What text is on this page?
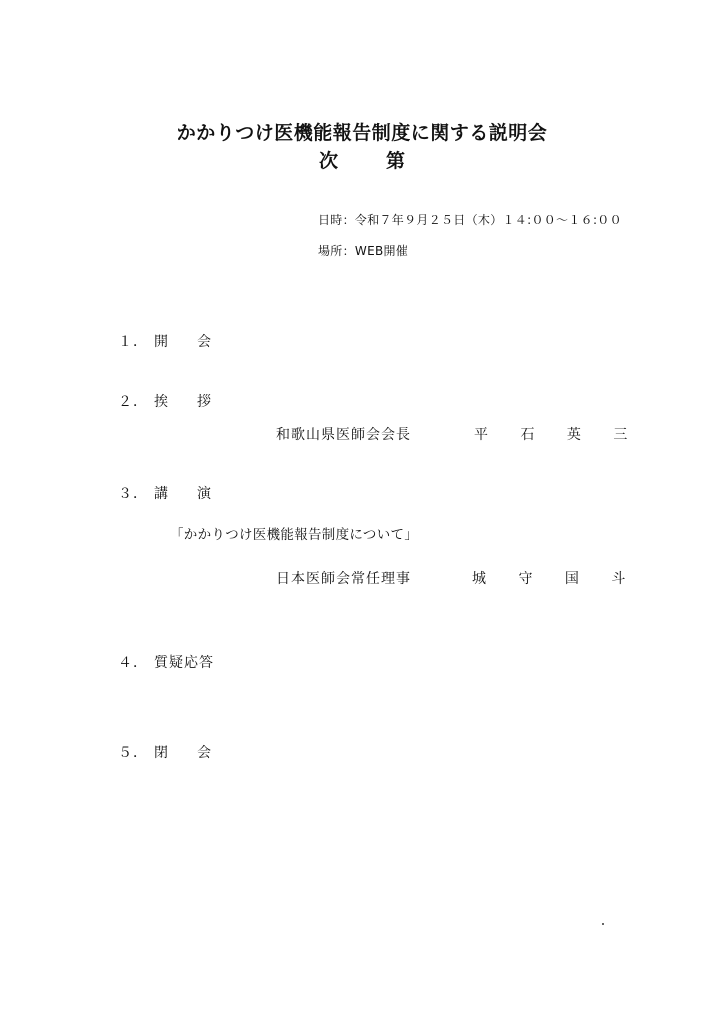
かかりつけ医機能報告制度に関する説明会
次	第
日時：令和７年９月２５日（木）１４:００～１６:００
場所：WEB開催
１． 開 会
２． 挨 拶
和歌山県医師会会長	平 石 英 三
３． 講 演
「かかりつけ医機能報告制度について」
日本医師会常任理事	城 守 国 斗
４． 質疑応答
５． 閉 会
